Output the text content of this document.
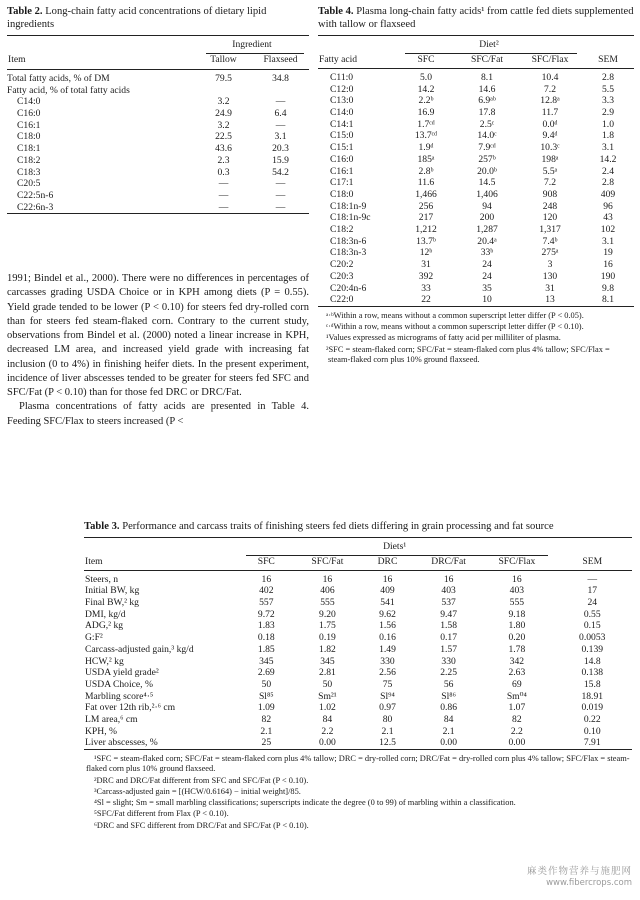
Table 2. Long-chain fatty acid concentrations of dietary lipid ingredients
	Ingredient	

Item	Tallow	Flaxseed

Total fatty acids, % of DM	79.5	34.8
Fatty acid, % of total fatty acids		
C14:0	3.2	—
C16:0	24.9	6.4
C16:1	3.2	—
C18:0	22.5	3.1
C18:1	43.6	20.3
C18:2	2.3	15.9
C18:3	0.3	54.2
C20:5	—	—
C22:5n-6	—	—
C22:6n-3	—	—

1991; Bindel et al., 2000). There were no differences in percentages of carcasses grading USDA Choice or in KPH among diets (P = 0.55). Yield grade tended to be lower (P < 0.10) for steers fed dry-rolled corn than for steers fed steam-flaked corn. Contrary to the current study, observations from Bindel et al. (2000) noted a linear increase in KPH, decreased LM area, and increased yield grade with increasing fat inclusion (0 to 4%) in finishing heifer diets. In the present experiment, incidence of liver abscesses tended to be greater for steers fed SFC and SFC/Fat (P < 0.10) than for those fed DRC or DRC/Fat.

Plasma concentrations of fatty acids are presented in Table 4. Feeding SFC/Flax to steers increased (P <

Table 4. Plasma long-chain fatty acids¹ from cattle fed diets supplemented with tallow or flaxseed
	Diet²		

Fatty acid	SFC	SFC/Fat	SFC/Flax	SEM

C11:0	5.0	8.1	10.4	2.8
C12:0	14.2	14.6	7.2	5.5
C13:0	2.2ᵇ	6.9ᵃᵇ	12.8ᵃ	3.3
C14:0	16.9	17.8	11.7	2.9
C14:1	1.7ᶜᵈ	2.5ᶜ	0.0ᵈ	1.0
C15:0	13.7ᶜᵈ	14.0ᶜ	9.4ᵈ	1.8
C15:1	1.9ᵈ	7.9ᶜᵈ	10.3ᶜ	3.1
C16:0	185ᵃ	257ᵇ	198ᵃ	14.2
C16:1	2.8ᵇ	20.0ᵇ	5.5ᵃ	2.4
C17:1	11.6	14.5	7.2	2.8
C18:0	1,466	1,406	908	409
C18:1n-9	256	94	248	96
C18:1n-9c	217	200	120	43
C18:2	1,212	1,287	1,317	102
C18:3n-6	13.7ᵇ	20.4ᵃ	7.4ᵇ	3.1
C18:3n-3	12ᵇ	33ᵇ	275ᵃ	19
C20:2	31	24	3	16
C20:3	392	24	130	190
C20:4n-6	33	35	31	9.8
C22:0	22	10	13	8.1

ᵃ·ᵇWithin a row, means without a common superscript letter differ (P < 0.05).

ᶜ·ᵈWithin a row, means without a common superscript letter differ (P < 0.10).

¹Values expressed as micrograms of fatty acid per milliliter of plasma.

²SFC = steam-flaked corn; SFC/Fat = steam-flaked corn plus 4% tallow; SFC/Flax = steam-flaked corn plus 10% ground flaxseed.

Table 3. Performance and carcass traits of finishing steers fed diets differing in grain processing and fat source
	Diets¹				

Item	SFC	SFC/Fat	DRC	DRC/Fat	SFC/Flax	SEM

Steers, n	16	16	16	16	16	—
Initial BW, kg	402	406	409	403	403	17
Final BW,² kg	557	555	541	537	555	24
DMI, kg/d	9.72	9.20	9.62	9.47	9.18	0.55
ADG,² kg	1.83	1.75	1.56	1.58	1.80	0.15
G:F²	0.18	0.19	0.16	0.17	0.20	0.0053
Carcass-adjusted gain,³ kg/d	1.85	1.82	1.49	1.57	1.78	0.139
HCW,² kg	345	345	330	330	342	14.8
USDA yield grade²	2.69	2.81	2.56	2.25	2.63	0.138
USDA Choice, %	50	50	75	56	69	15.8
Marbling score⁴·⁵	Sl⁸⁵	Sm²¹	Sl⁹⁴	Sl⁸⁶	Sm⁰⁴	18.91
Fat over 12th rib,²·⁶ cm	1.09	1.02	0.97	0.86	1.07	0.019
LM area,⁶ cm	82	84	80	84	82	0.22
KPH, %	2.1	2.2	2.1	2.1	2.2	0.10
Liver abscesses, %	25	0.00	12.5	0.00	0.00	7.91

¹SFC = steam-flaked corn; SFC/Fat = steam-flaked corn plus 4% tallow; DRC = dry-rolled corn; DRC/Fat = dry-rolled corn plus 4% tallow; SFC/Flax = steam-flaked corn plus 10% ground flaxseed.

²DRC and DRC/Fat different from SFC and SFC/Fat (P < 0.10).

³Carcass-adjusted gain = [(HCW/0.6164) − initial weight]/85.

⁴Sl = slight; Sm = small marbling classifications; superscripts indicate the degree (0 to 99) of marbling within a classification.

⁵SFC/Fat different from Flax (P < 0.10).

⁶DRC and SFC different from DRC/Fat and SFC/Fat (P < 0.10).

麻类作物营养与施肥网
www.fibercrops.com
